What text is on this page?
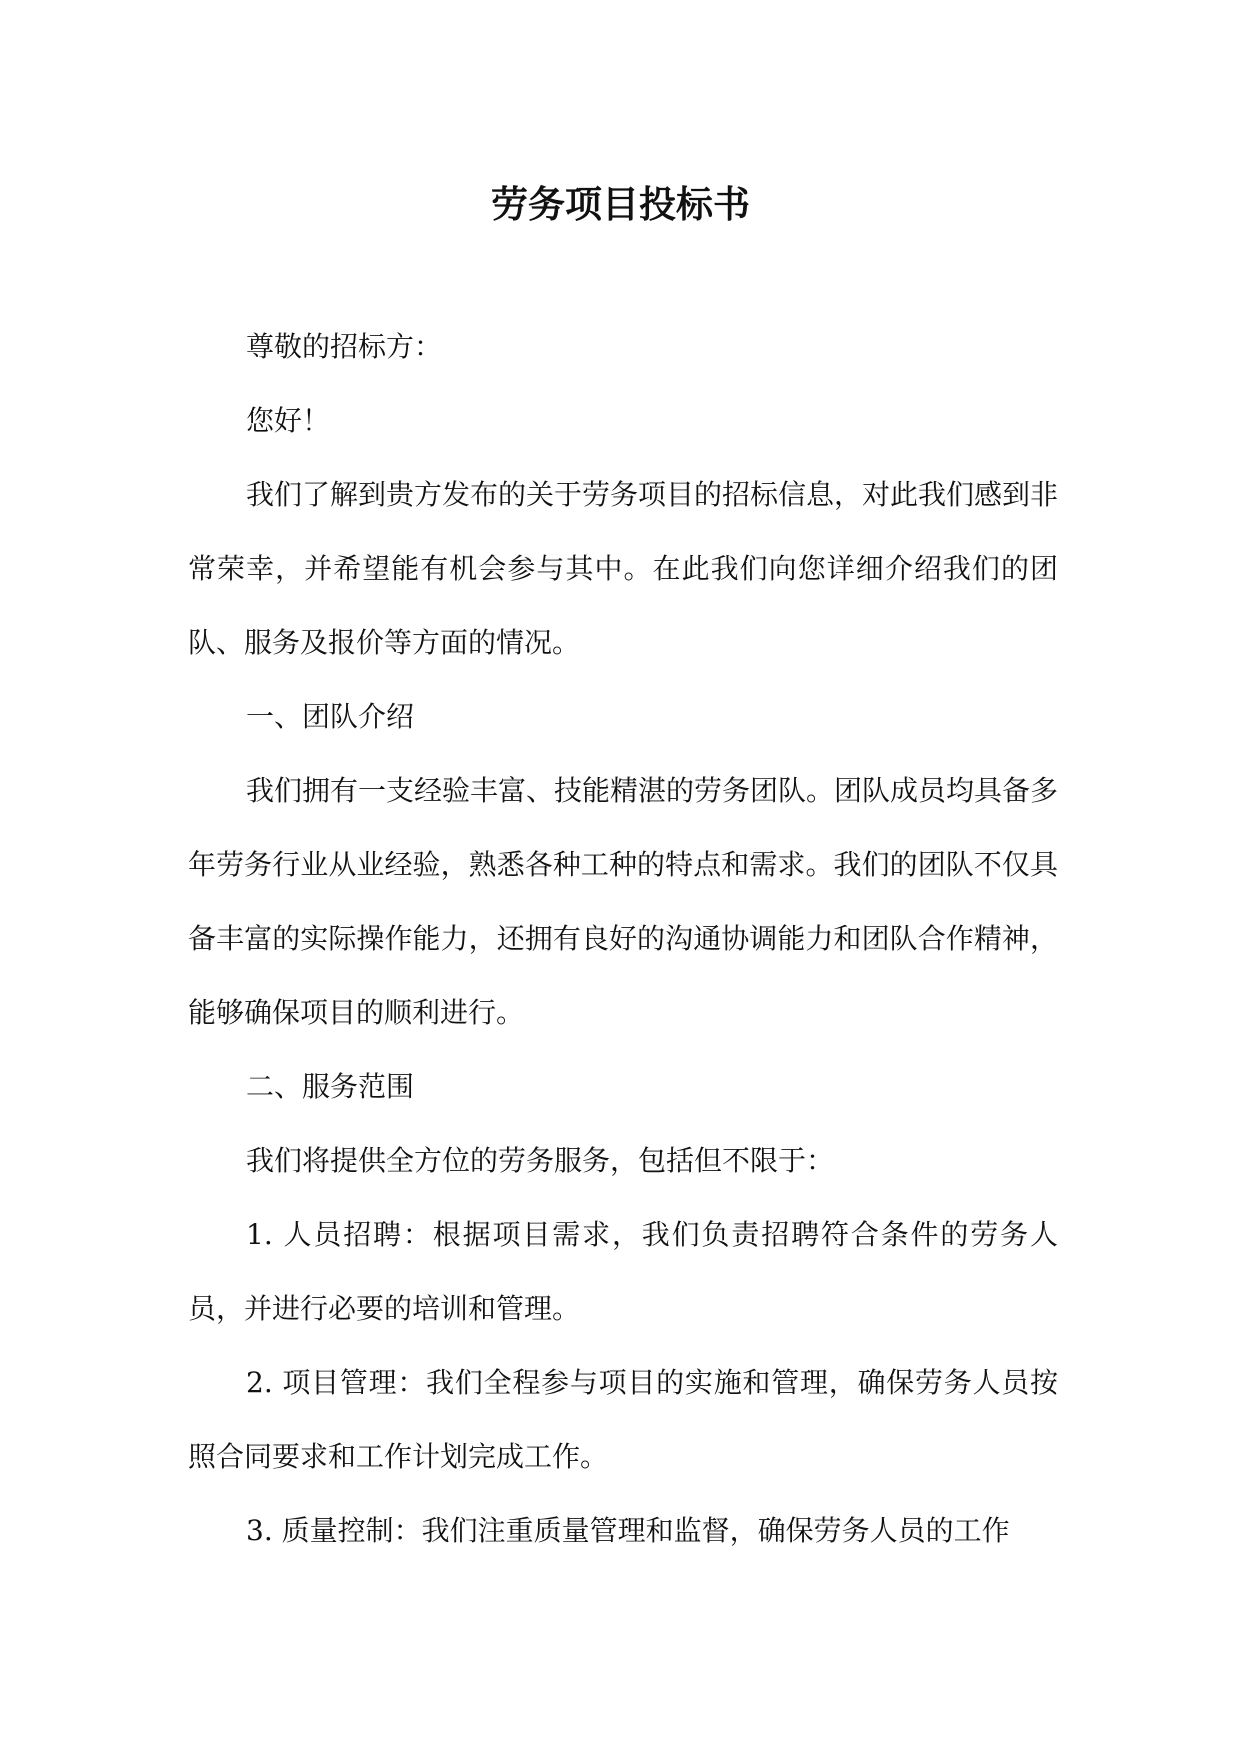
劳务项目投标书

尊敬的招标方：

您好！

我们了解到贵方发布的关于劳务项目的招标信息，对此我们感到非常荣幸，并希望能有机会参与其中。在此我们向您详细介绍我们的团队、服务及报价等方面的情况。

一、团队介绍

我们拥有一支经验丰富、技能精湛的劳务团队。团队成员均具备多年劳务行业从业经验，熟悉各种工种的特点和需求。我们的团队不仅具备丰富的实际操作能力，还拥有良好的沟通协调能力和团队合作精神，能够确保项目的顺利进行。

二、服务范围

我们将提供全方位的劳务服务，包括但不限于：

1. 人员招聘：根据项目需求，我们负责招聘符合条件的劳务人员，并进行必要的培训和管理。

2. 项目管理：我们全程参与项目的实施和管理，确保劳务人员按照合同要求和工作计划完成工作。

3. 质量控制：我们注重质量管理和监督，确保劳务人员的工作
